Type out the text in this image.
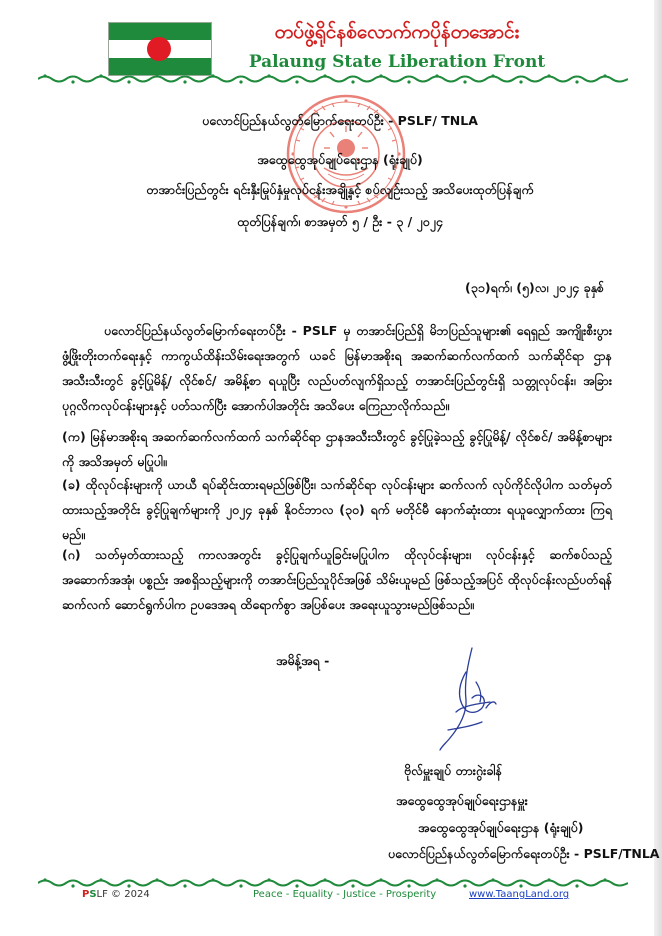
တပ်ဖွဲ့ရိုင်နစ်လောက်ကပိုန်တအောင်း
Palaung State Liberation Front
ပလောင်ပြည်နယ်လွတ်မြောက်ရေးတပ်ဦး - PSLF/ TNLA
အထွေထွေအုပ်ချုပ်ရေးဌာန (ရုံးချုပ်)
တအာင်းပြည်တွင်း ရင်းနှီးမြုပ်နှံမှုလုပ်ငန်းအချို့နှင့် စပ်လျဉ်းသည့် အသိပေးထုတ်ပြန်ချက်
ထုတ်ပြန်ချက်၊ စာအမှတ် ၅ / ဦး - ၃ / ၂၀၂၄
(၃၁)ရက်၊ (၅)လ၊ ၂၀၂၄ ခုနှစ်
ပလောင်ပြည်နယ်လွတ်မြောက်ရေးတပ်ဦး - PSLF မှ တအာင်းပြည်ရှိ မိဘပြည်သူများ၏ ရေရှည် အကျိုးစီးပွား ဖွံ့ဖြိုးတိုးတက်ရေးနှင့် ကာကွယ်ထိန်းသိမ်းရေးအတွက် ယခင် မြန်မာအစိုးရ အဆက်ဆက်လက်ထက် သက်ဆိုင်ရာ ဌာနအသီးသီးတွင် ခွင့်ပြုမိန့်/ လိုင်စင်/ အမိန့်စာ ရယူပြီး လည်ပတ်လျက်ရှိသည့် တအာင်းပြည်တွင်းရှိ သတ္တုလုပ်ငန်း၊ အခြားပုဂ္ဂလိကလုပ်ငန်းများနှင့် ပတ်သက်ပြီး အောက်ပါအတိုင်း အသိပေး ကြေညာလိုက်သည်။
(က) မြန်မာအစိုးရ အဆက်ဆက်လက်ထက် သက်ဆိုင်ရာ ဌာနအသီးသီးတွင် ခွင့်ပြုခဲ့သည့် ခွင့်ပြုမိန့်/ လိုင်စင်/ အမိန့်စာများကို အသိအမှတ် မပြုပါ။
(ခ) ထိုလုပ်ငန်းများကို ယာယီ ရပ်ဆိုင်းထားရမည်ဖြစ်ပြီး၊ သက်ဆိုင်ရာ လုပ်ငန်းများ ဆက်လက် လုပ်ကိုင်လိုပါက သတ်မှတ်ထားသည့်အတိုင်း ခွင့်ပြုချက်များကို ၂၀၂၄ ခုနှစ် နိုဝင်ဘာလ (၃၀) ရက် မတိုင်မီ နောက်ဆုံးထား ရယူလျှောက်ထား ကြရမည်။
(ဂ) သတ်မှတ်ထားသည့် ကာလအတွင်း ခွင့်ပြုချက်ယူခြင်းမပြုပါက ထိုလုပ်ငန်းများ၊ လုပ်ငန်းနှင့် ဆက်စပ်သည့် အဆောက်အအုံ၊ ပစ္စည်း အစရှိသည့်များကို တအာင်းပြည်သူပိုင်အဖြစ် သိမ်းယူမည် ဖြစ်သည့်အပြင် ထိုလုပ်ငန်းလည်ပတ်ရန် ဆက်လက် ဆောင်ရွက်ပါက ဥပဒေအရ ထိရောက်စွာ အပြစ်ပေး အရေးယူသွားမည်ဖြစ်သည်။
အမိန့်အရ -
ဗိုလ်မှူးချုပ် တားဂွဲးခါန်
အထွေထွေအုပ်ချုပ်ရေးဌာနမှူး
အထွေထွေအုပ်ချုပ်ရေးဌာန (ရုံးချုပ်)
ပလောင်ပြည်နယ်လွတ်မြောက်ရေးတပ်ဦး - PSLF/TNLA
PSLF © 2024	Peace - Equality - Justice - Prosperity	www.TaangLand.org
